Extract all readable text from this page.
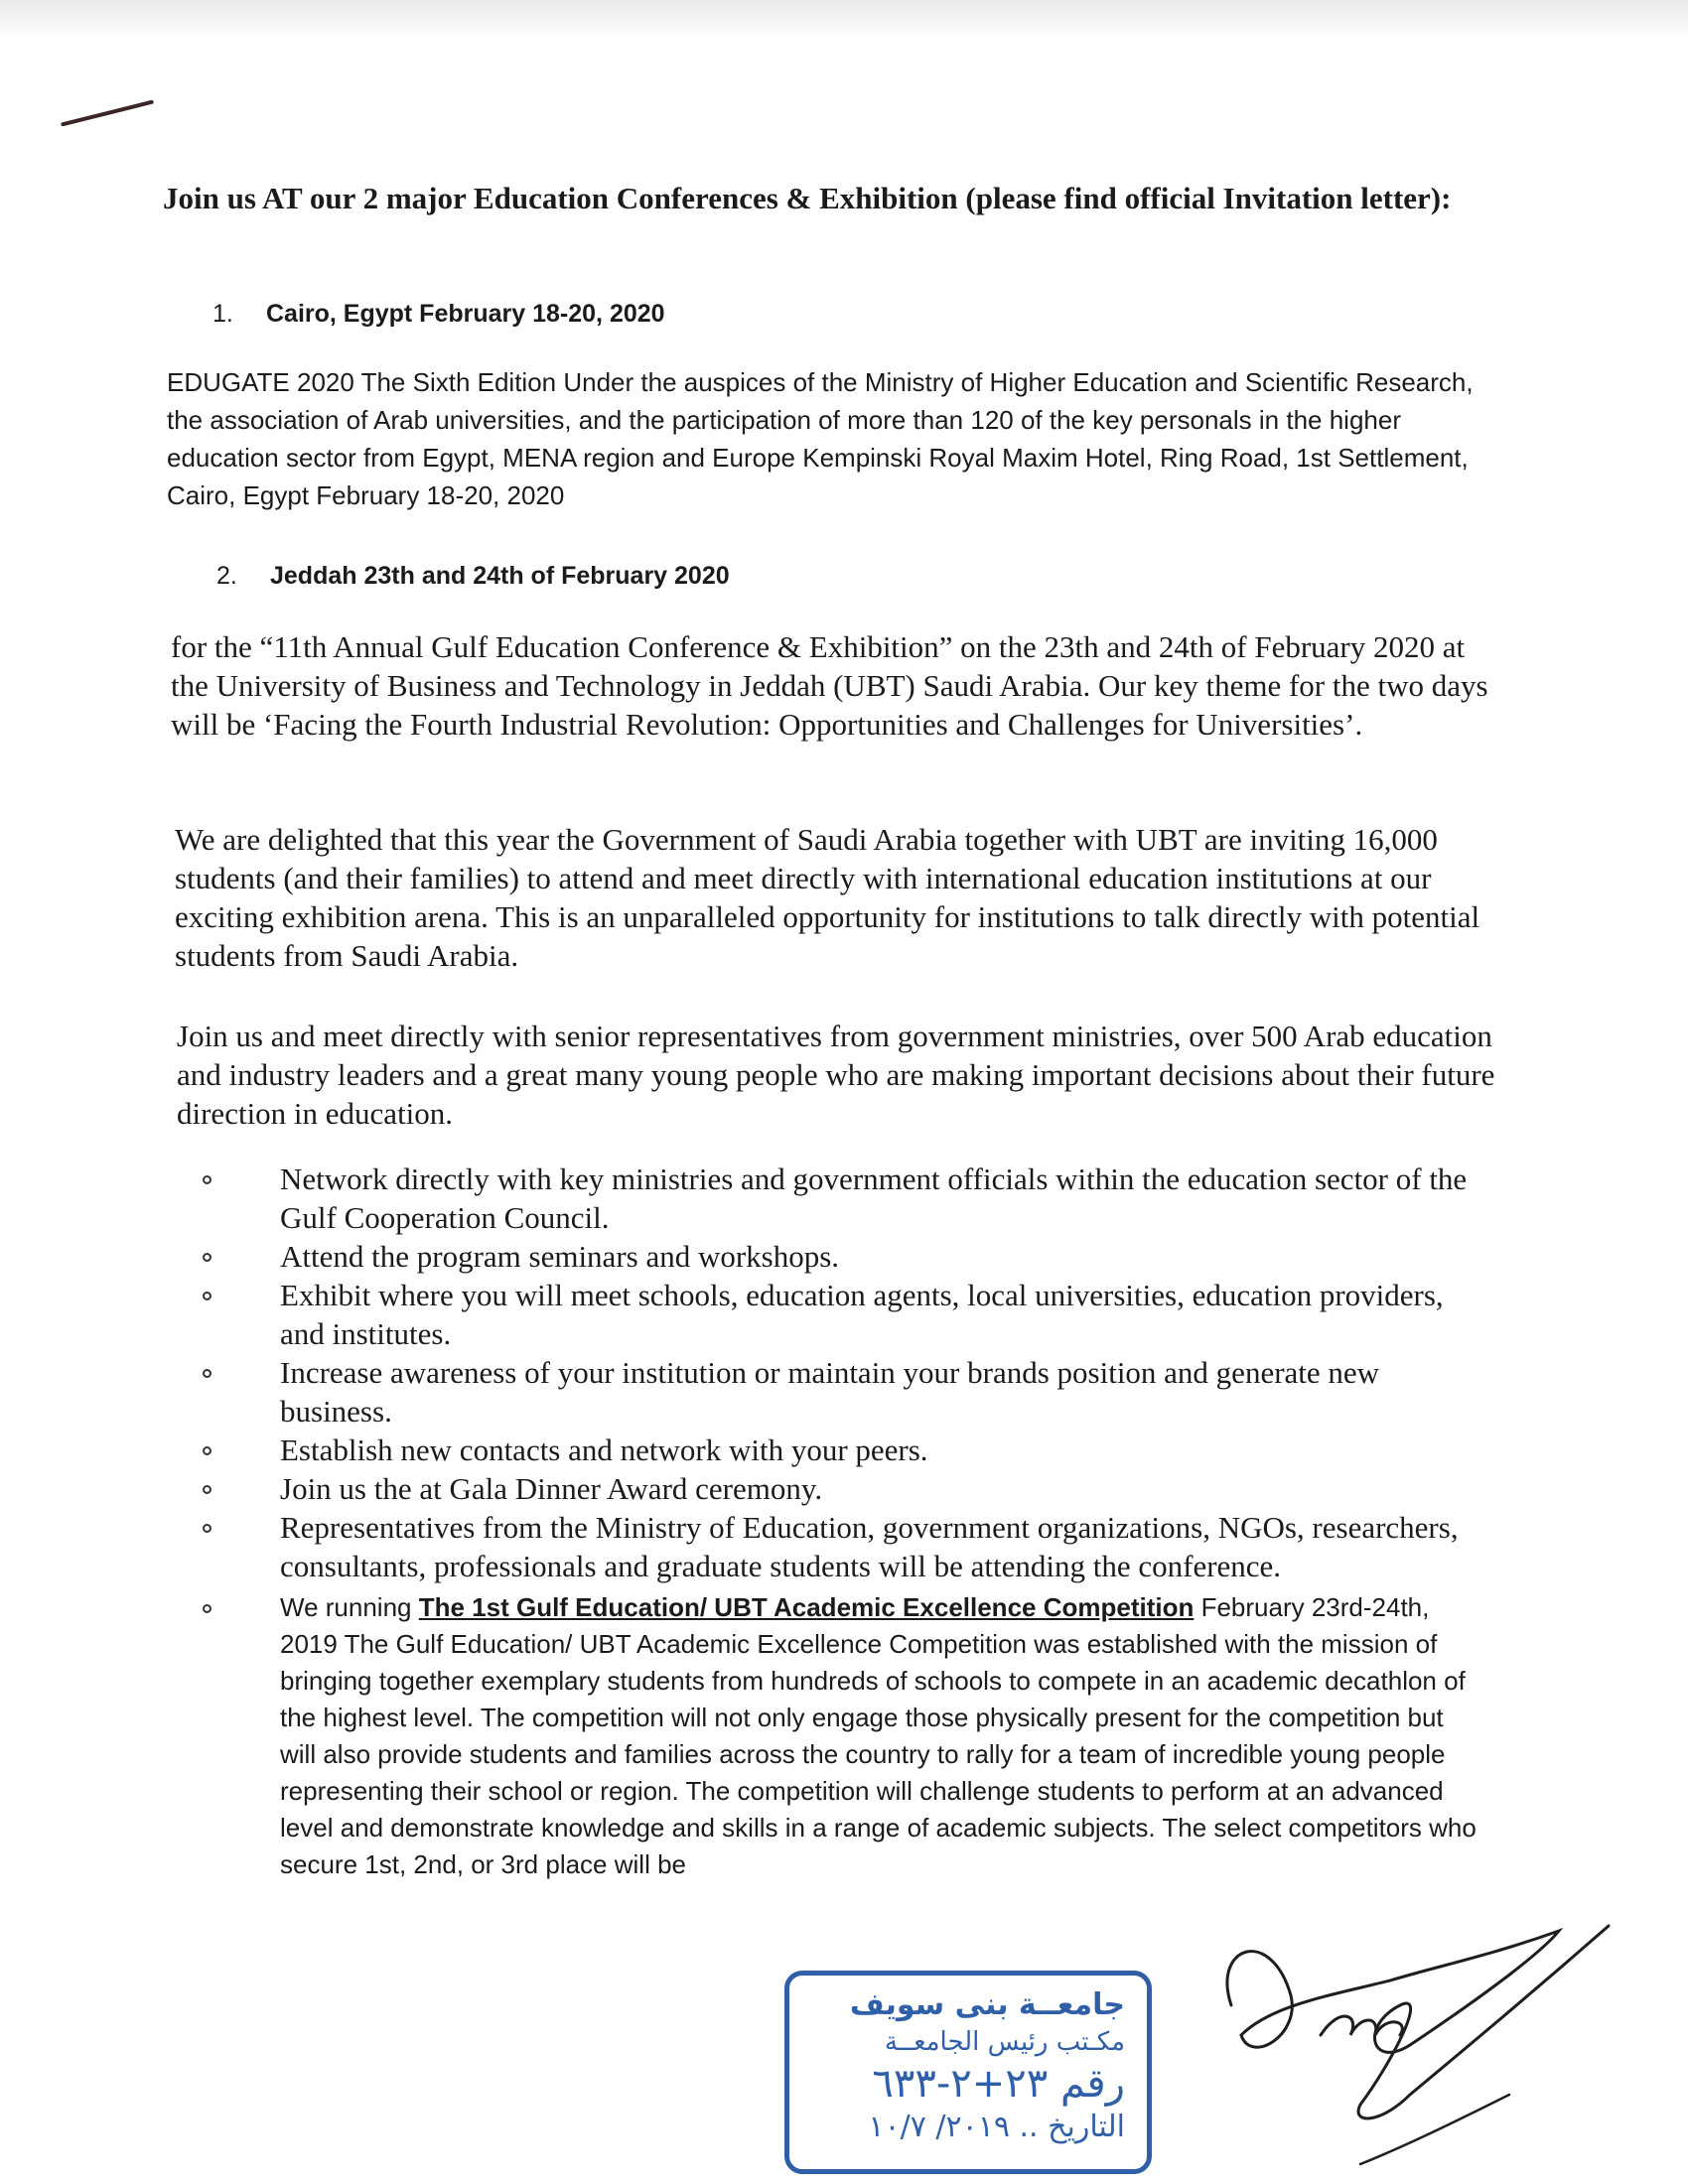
Join us AT our 2 major Education Conferences & Exhibition (please find official Invitation letter):

1. Cairo, Egypt February 18-20, 2020

EDUGATE 2020 The Sixth Edition Under the auspices of the Ministry of Higher Education and Scientific Research, the association of Arab universities, and the participation of more than 120 of the key personals in the higher education sector from Egypt, MENA region and Europe Kempinski Royal Maxim Hotel, Ring Road, 1st Settlement, Cairo, Egypt February 18-20, 2020

2. Jeddah 23th and 24th of February 2020

for the “11th Annual Gulf Education Conference & Exhibition” on the 23th and 24th of February 2020 at the University of Business and Technology in Jeddah (UBT) Saudi Arabia. Our key theme for the two days will be ‘Facing the Fourth Industrial Revolution: Opportunities and Challenges for Universities’.

We are delighted that this year the Government of Saudi Arabia together with UBT are inviting 16,000 students (and their families) to attend and meet directly with international education institutions at our exciting exhibition arena. This is an unparalleled opportunity for institutions to talk directly with potential students from Saudi Arabia.

Join us and meet directly with senior representatives from government ministries, over 500 Arab education and industry leaders and a great many young people who are making important decisions about their future direction in education.

Network directly with key ministries and government officials within the education sector of the Gulf Cooperation Council.
Attend the program seminars and workshops.
Exhibit where you will meet schools, education agents, local universities, education providers, and institutes.
Increase awareness of your institution or maintain your brands position and generate new business.
Establish new contacts and network with your peers.
Join us the at Gala Dinner Award ceremony.
Representatives from the Ministry of Education, government organizations, NGOs, researchers, consultants, professionals and graduate students will be attending the conference.
We running The 1st Gulf Education/ UBT Academic Excellence Competition February 23rd-24th, 2019 The Gulf Education/ UBT Academic Excellence Competition was established with the mission of bringing together exemplary students from hundreds of schools to compete in an academic decathlon of the highest level. The competition will not only engage those physically present for the competition but will also provide students and families across the country to rally for a team of incredible young people representing their school or region. The competition will challenge students to perform at an advanced level and demonstrate knowledge and skills in a range of academic subjects. The select competitors who secure 1st, 2nd, or 3rd place will be
جامعــة بنى سويف
مكـتب رئيس الجامعــة
رقم ٢٣+٢-٦٣٣
التاريخ .. ٢٠١٩/ ١٠/٧
